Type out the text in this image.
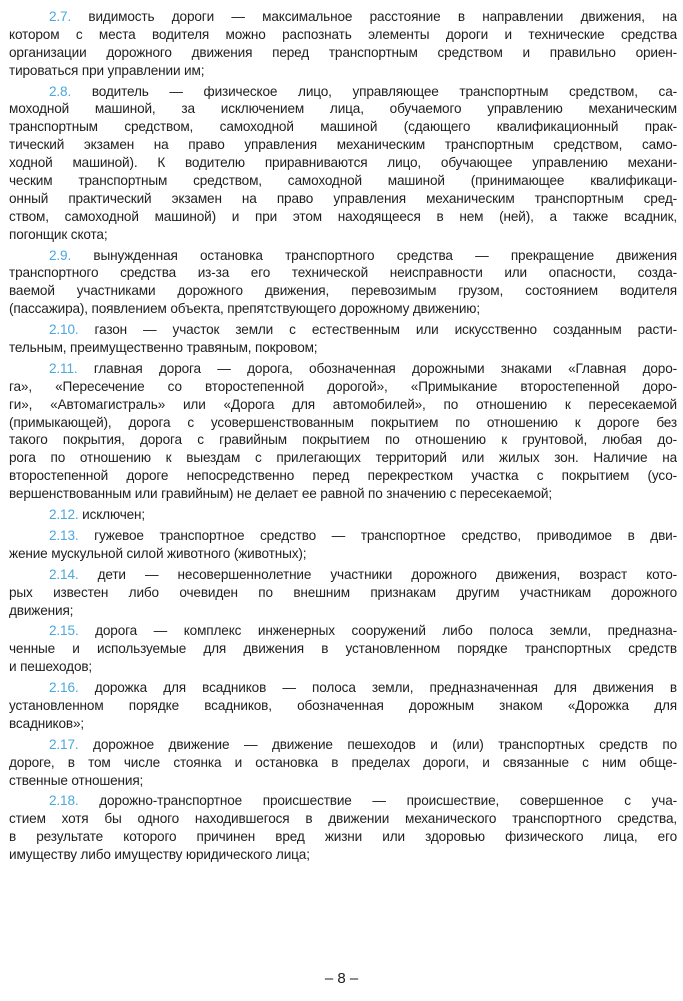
2.7. видимость дороги — максимальное расстояние в направлении движения, на
котором с места водителя можно распознать элементы дороги и технические средства
организации дорожного движения перед транспортным средством и правильно ориен-
тироваться при управлении им;
2.8. водитель — физическое лицо, управляющее транспортным средством, са-
моходной машиной, за исключением лица, обучаемого управлению механическим
транспортным средством, самоходной машиной (сдающего квалификационный прак-
тический экзамен на право управления механическим транспортным средством, само-
ходной машиной). К водителю приравниваются лицо, обучающее управлению механи-
ческим транспортным средством, самоходной машиной (принимающее квалификаци-
онный практический экзамен на право управления механическим транспортным сред-
ством, самоходной машиной) и при этом находящееся в нем (ней), а также всадник,
погонщик скота;
2.9. вынужденная остановка транспортного средства — прекращение движения
транспортного средства из-за его технической неисправности или опасности, созда-
ваемой участниками дорожного движения, перевозимым грузом, состоянием водителя
(пассажира), появлением объекта, препятствующего дорожному движению;
2.10. газон — участок земли с естественным или искусственно созданным расти-
тельным, преимущественно травяным, покровом;
2.11. главная дорога — дорога, обозначенная дорожными знаками «Главная доро-
га», «Пересечение со второстепенной дорогой», «Примыкание второстепенной доро-
ги», «Автомагистраль» или «Дорога для автомобилей», по отношению к пересекаемой
(примыкающей), дорога с усовершенствованным покрытием по отношению к дороге без
такого покрытия, дорога с гравийным покрытием по отношению к грунтовой, любая до-
рога по отношению к выездам с прилегающих территорий или жилых зон. Наличие на
второстепенной дороге непосредственно перед перекрестком участка с покрытием (усо-
вершенствованным или гравийным) не делает ее равной по значению с пересекаемой;
2.12. исключен;
2.13. гужевое транспортное средство — транспортное средство, приводимое в дви-
жение мускульной силой животного (животных);
2.14. дети — несовершеннолетние участники дорожного движения, возраст кото-
рых известен либо очевиден по внешним признакам другим участникам дорожного
движения;
2.15. дорога — комплекс инженерных сооружений либо полоса земли, предназна-
ченные и используемые для движения в установленном порядке транспортных средств
и пешеходов;
2.16. дорожка для всадников — полоса земли, предназначенная для движения в
установленном порядке всадников, обозначенная дорожным знаком «Дорожка для
всадников»;
2.17. дорожное движение — движение пешеходов и (или) транспортных средств по
дороге, в том числе стоянка и остановка в пределах дороги, и связанные с ним обще-
ственные отношения;
2.18. дорожно-транспортное происшествие — происшествие, совершенное с уча-
стием хотя бы одного находившегося в движении механического транспортного средства,
в результате которого причинен вред жизни или здоровью физического лица, его
имуществу либо имуществу юридического лица;
– 8 –
